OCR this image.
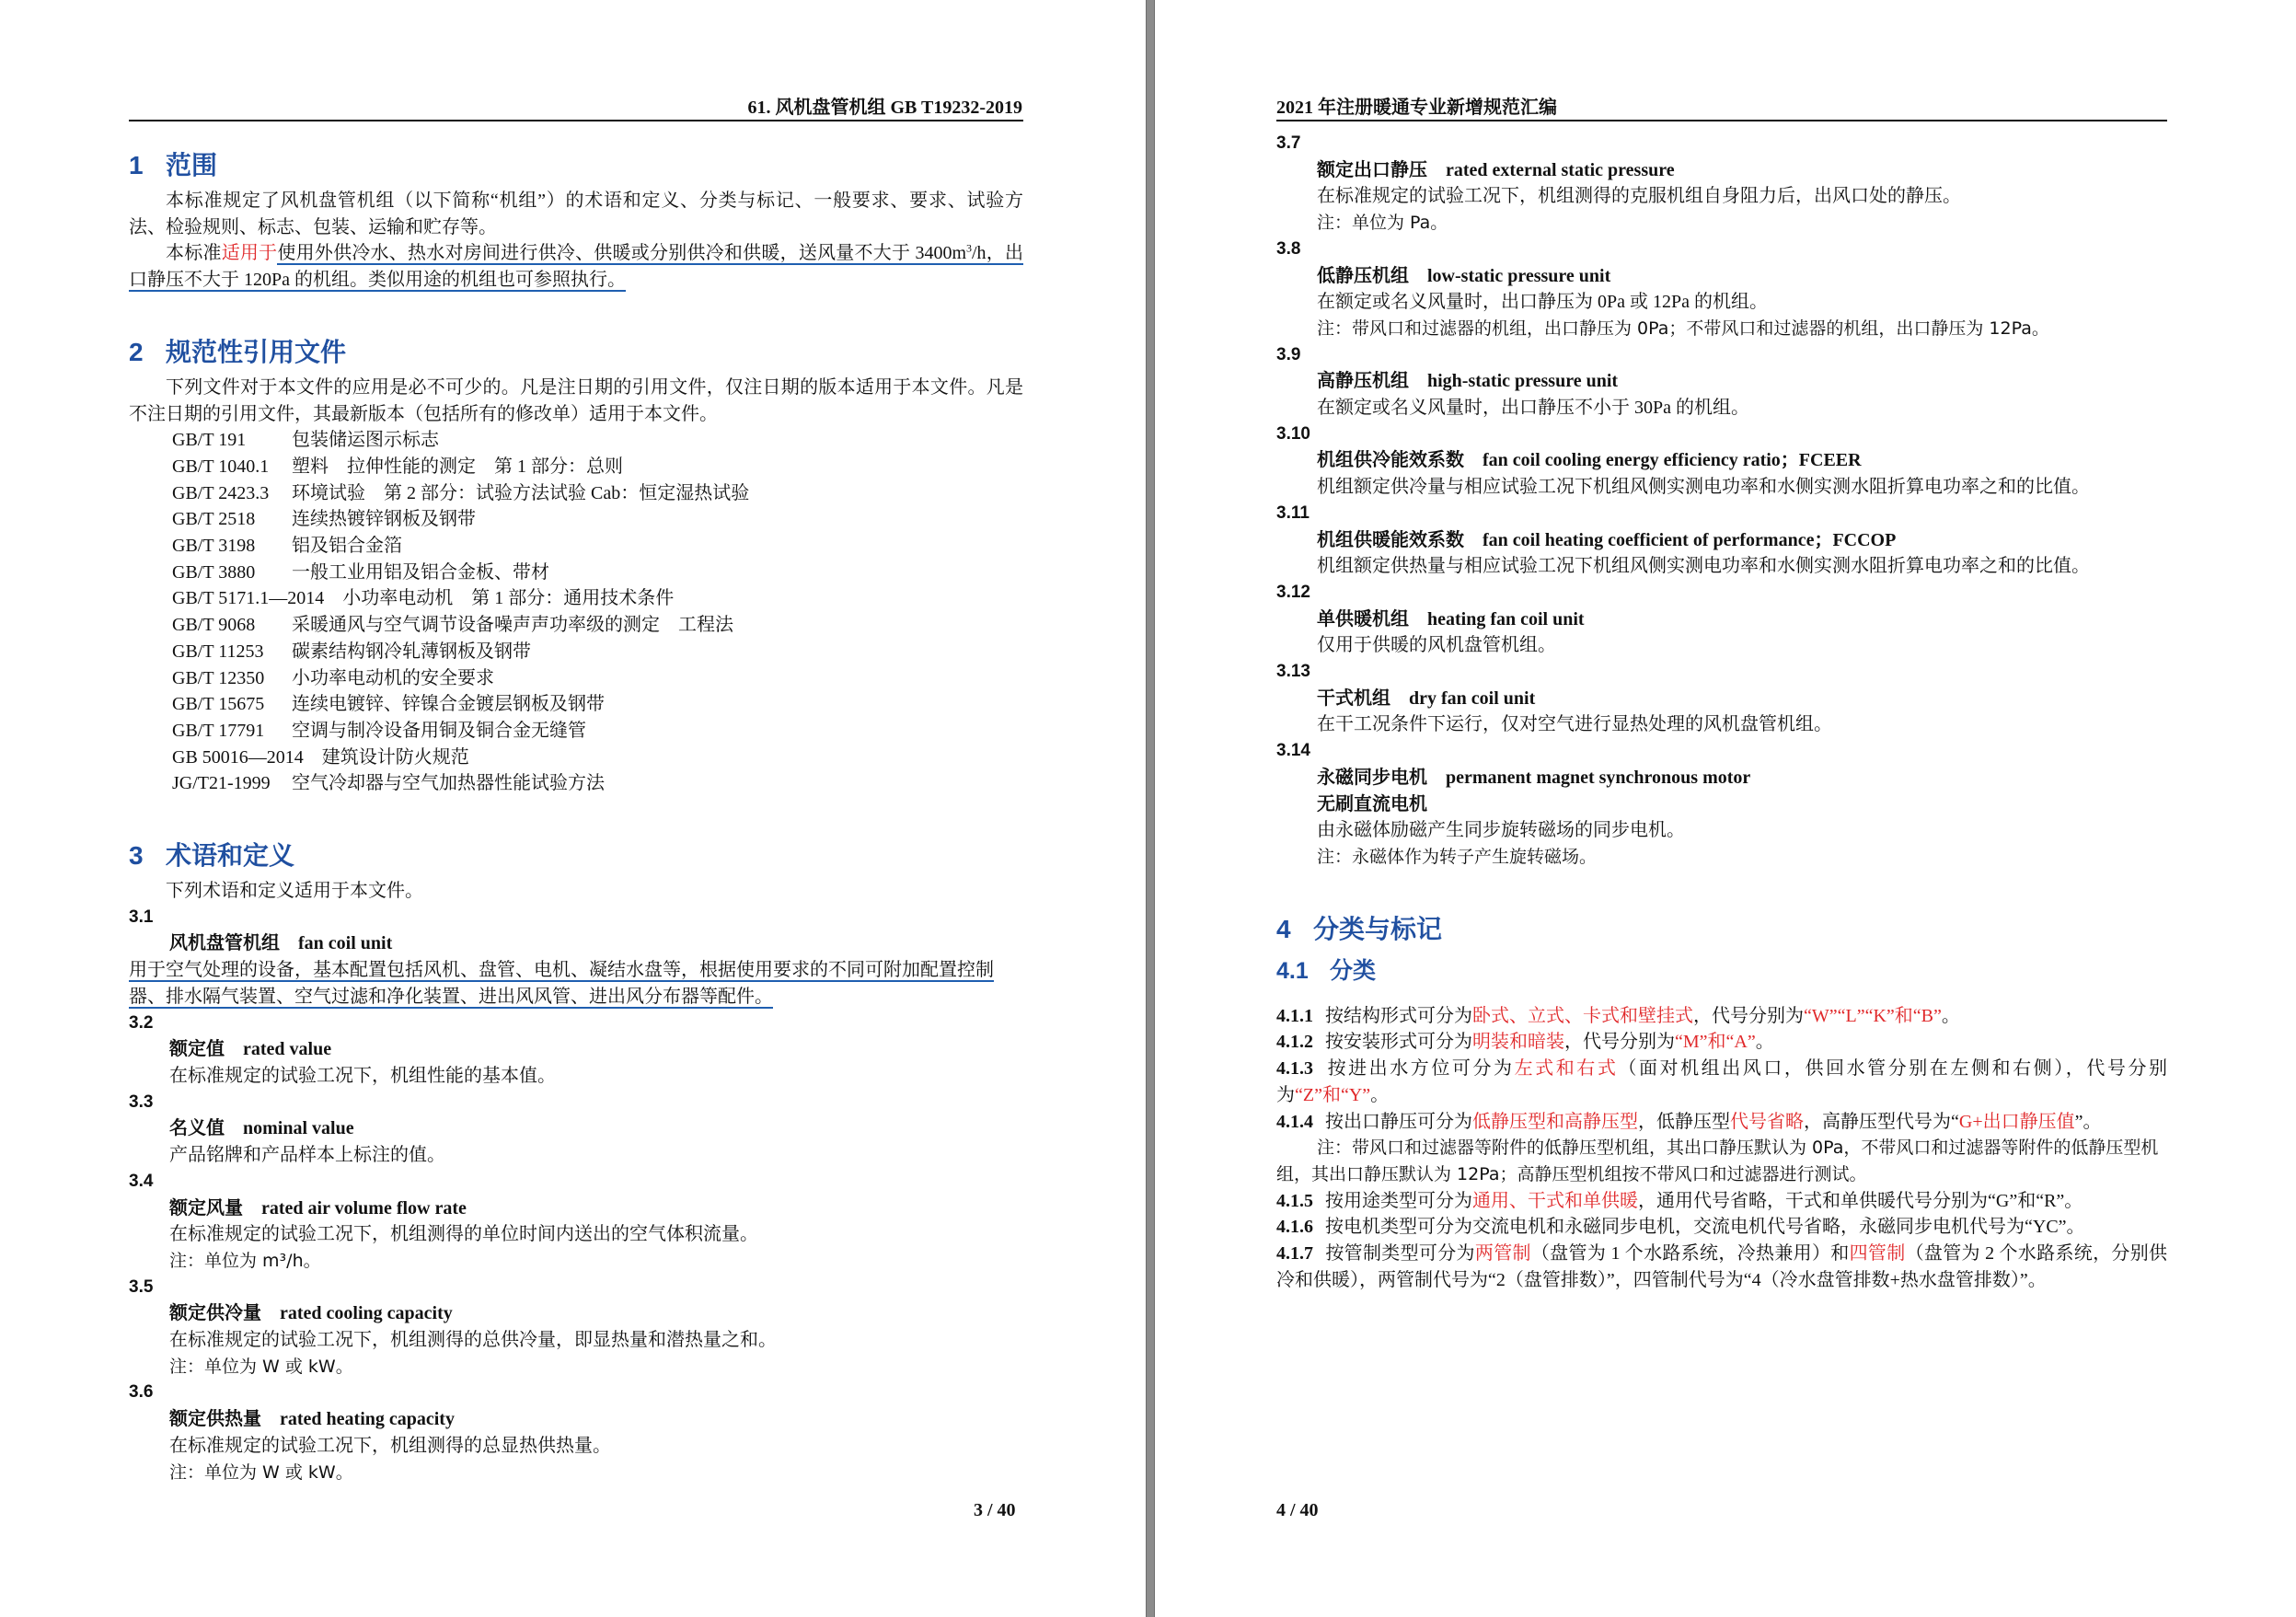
61. 风机盘管机组 GB T19232-2019
1 范围
本标准规定了风机盘管机组（以下简称“机组”）的术语和定义、分类与标记、一般要求、要求、试验方法、检验规则、标志、包装、运输和贮存等。
本标准适用于使用外供冷水、热水对房间进行供冷、供暖或分别供冷和供暖，送风量不大于 $3400m^3/h$，出口静压不大于 120Pa 的机组。类似用途的机组也可参照执行。
2 规范性引用文件
下列文件对于本文件的应用是必不可少的。凡是注日期的引用文件，仅注日期的版本适用于本文件。凡是不注日期的引用文件，其最新版本（包括所有的修改单）适用于本文件。
GB/T 191　 包装储运图示标志
GB/T 1040.1　 塑料　拉伸性能的测定　第 1 部分：总则
GB/T 2423.3　 环境试验　第 2 部分：试验方法试验 Cab：恒定湿热试验
GB/T 2518　 连续热镀锌钢板及钢带
GB/T 3198　 铝及铝合金箔
GB/T 3880　 一般工业用铝及铝合金板、带材
GB/T 5171.1—2014　 小功率电动机　第 1 部分：通用技术条件
GB/T 9068　 采暖通风与空气调节设备噪声声功率级的测定　工程法
GB/T 11253　 碳素结构钢冷轧薄钢板及钢带
GB/T 12350　 小功率电动机的安全要求
GB/T 15675　 连续电镀锌、锌镍合金镀层钢板及钢带
GB/T 17791　 空调与制冷设备用铜及铜合金无缝管
GB 50016—2014　 建筑设计防火规范
JG/T21-1999　 空气冷却器与空气加热器性能试验方法
3 术语和定义
下列术语和定义适用于本文件。
3.1
风机盘管机组　fan coil unit
用于空气处理的设备，基本配置包括风机、盘管、电机、凝结水盘等，根据使用要求的不同可附加配置控制器、排水隔气装置、空气过滤和净化装置、进出风风管、进出风分布器等配件。
3.2
额定值　rated value
在标准规定的试验工况下，机组性能的基本值。
3.3
名义值　nominal value
产品铭牌和产品样本上标注的值。
3.4
额定风量　rated air volume flow rate
在标准规定的试验工况下，机组测得的单位时间内送出的空气体积流量。
注：单位为 m³/h。
3.5
额定供冷量　rated cooling capacity
在标准规定的试验工况下，机组测得的总供冷量，即显热量和潜热量之和。
注：单位为 W 或 kW。
3.6
额定供热量　rated heating capacity
在标准规定的试验工况下，机组测得的总显热供热量。
注：单位为 W 或 kW。
3 / 40
2021 年注册暖通专业新增规范汇编
3.7
额定出口静压　rated external static pressure
在标准规定的试验工况下，机组测得的克服机组自身阻力后，出风口处的静压。
注：单位为 Pa。
3.8
低静压机组　low-static pressure unit
在额定或名义风量时，出口静压为 0Pa 或 12Pa 的机组。
注：带风口和过滤器的机组，出口静压为 0Pa；不带风口和过滤器的机组，出口静压为 12Pa。
3.9
高静压机组　high-static pressure unit
在额定或名义风量时，出口静压不小于 30Pa 的机组。
3.10
机组供冷能效系数　fan coil cooling energy efficiency ratio；FCEER
机组额定供冷量与相应试验工况下机组风侧实测电功率和水侧实测水阻折算电功率之和的比值。
3.11
机组供暖能效系数　fan coil heating coefficient of performance；FCCOP
机组额定供热量与相应试验工况下机组风侧实测电功率和水侧实测水阻折算电功率之和的比值。
3.12
单供暖机组　heating fan coil unit
仅用于供暖的风机盘管机组。
3.13
干式机组　dry fan coil unit
在干工况条件下运行，仅对空气进行显热处理的风机盘管机组。
3.14
永磁同步电机　permanent magnet synchronous motor
无刷直流电机
由永磁体励磁产生同步旋转磁场的同步电机。
注：永磁体作为转子产生旋转磁场。
4 分类与标记
4.1 分类
4.1.1 按结构形式可分为卧式、立式、卡式和壁挂式，代号分别为“W”“L”“K”和“B”。
4.1.2 按安装形式可分为明装和暗装，代号分别为“M”和“A”。
4.1.3 按进出水方位可分为左式和右式（面对机组出风口，供回水管分别在左侧和右侧），代号分别为“Z”和“Y”。
4.1.4 按出口静压可分为低静压型和高静压型，低静压型代号省略，高静压型代号为“G+出口静压值”。
注：带风口和过滤器等附件的低静压型机组，其出口静压默认为 0Pa，不带风口和过滤器等附件的低静压型机组，其出口静压默认为 12Pa；高静压型机组按不带风口和过滤器进行测试。
4.1.5 按用途类型可分为通用、干式和单供暖，通用代号省略，干式和单供暖代号分别为“G”和“R”。
4.1.6 按电机类型可分为交流电机和永磁同步电机，交流电机代号省略，永磁同步电机代号为“YC”。
4.1.7 按管制类型可分为两管制（盘管为 1 个水路系统，冷热兼用）和四管制（盘管为 2 个水路系统，分别供冷和供暖），两管制代号为“2（盘管排数）”，四管制代号为“4（冷水盘管排数+热水盘管排数）”。
4 / 40
